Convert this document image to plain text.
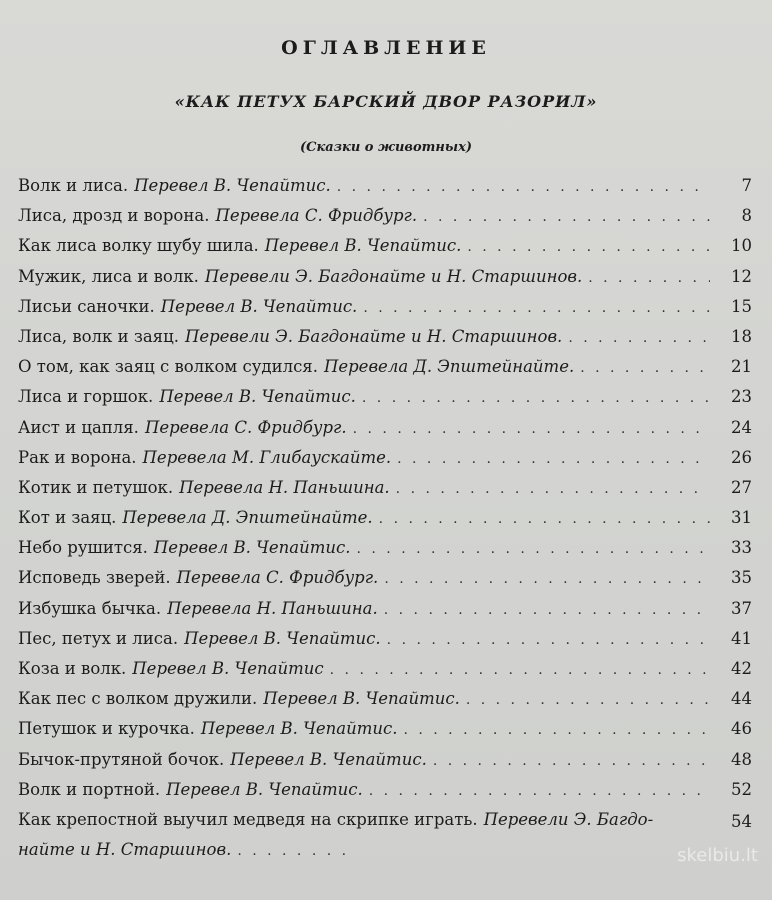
ОГЛАВЛЕНИЕ
«КАК ПЕТУХ БАРСКИЙ ДВОР РАЗОРИЛ»
(Сказки о животных)
Волк и лиса. Перевел В. Чепайтис. . . .	7
Лиса, дрозд и ворона. Перевела С. Фридбург. . . .	8
Как лиса волку шубу шила. Перевел В. Чепайтис. . . .	10
Мужик, лиса и волк. Перевели Э. Багдонайте и Н. Старшинов. . . .	12
Лисьи саночки. Перевел В. Чепайтис. . . .	15
Лиса, волк и заяц. Перевели Э. Багдонайте и Н. Старшинов. . . .	18
О том, как заяц с волком судился. Перевела Д. Эпштейнайте. . . .	21
Лиса и горшок. Перевел В. Чепайтис. . . .	23
Аист и цапля. Перевела С. Фридбург. . . .	24
Рак и ворона. Перевела М. Глибаускайте. . . .	26
Котик и петушок. Перевела Н. Паньшина. . . .	27
Кот и заяц. Перевела Д. Эпштейнайте. . . .	31
Небо рушится. Перевел В. Чепайтис. . . .	33
Исповедь зверей. Перевела С. Фридбург. . . .	35
Избушка бычка. Перевела Н. Паньшина. . . .	37
Пес, петух и лиса. Перевел В. Чепайтис. . . .	41
Коза и волк. Перевел В. Чепайтис . . .	42
Как пес с волком дружили. Перевел В. Чепайтис. . . .	44
Петушок и курочка. Перевел В. Чепайтис. . . .	46
Бычок-прутяной бочок. Перевел В. Чепайтис. . . .	48
Волк и портной. Перевел В. Чепайтис. . . .	52
Как крепостной выучил медведя на скрипке играть. Перевели Э. Багдо-	54
найте и Н. Старшинов. . . .	skelbiu.lt
